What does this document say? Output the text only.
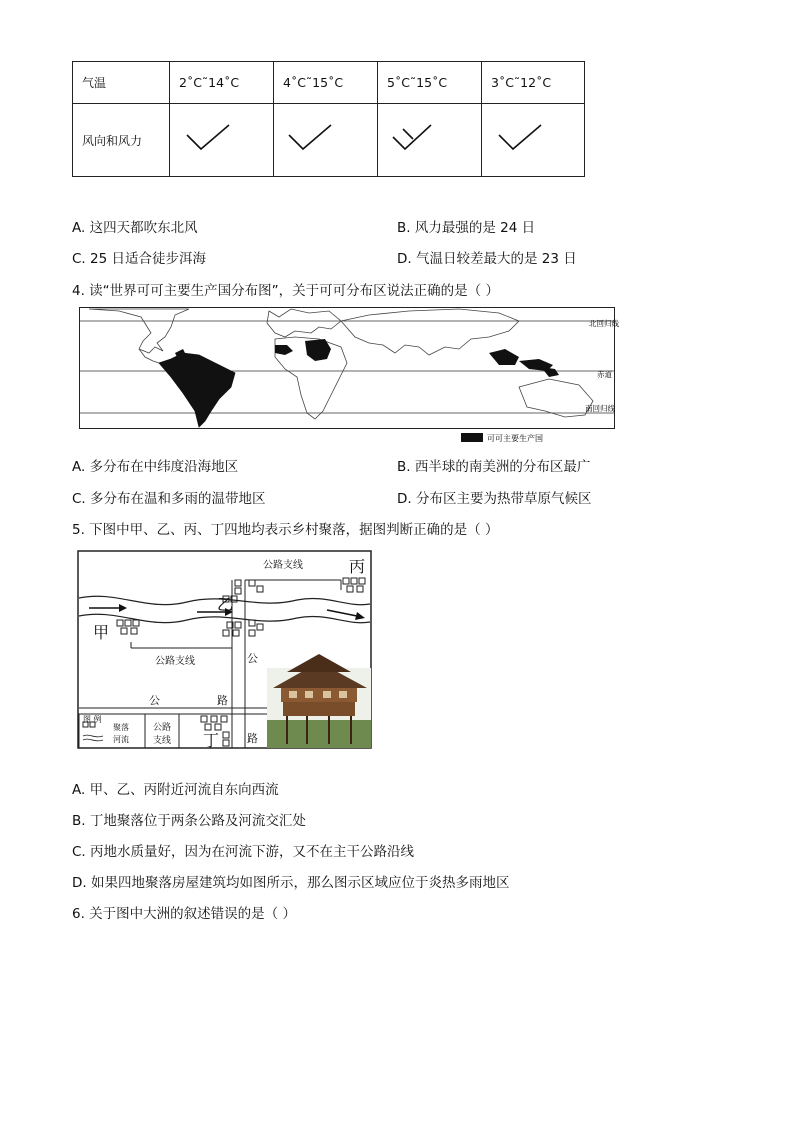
气温	2˚C˜14˚C	4˚C˜15˚C	5˚C˜15˚C	3˚C˜12˚C
风向和风力				
A. 这四天都吹东北风	B. 风力最强的是 24 日
C. 25 日适合徒步洱海	D. 气温日较差最大的是 23 日
4. 读“世界可可主要生产国分布图”，关于可可分布区说法正确的是（ ）
北回归线
赤道
南回归线
可可主要生产国
A. 多分布在中纬度沿海地区	B. 西半球的南美洲的分布区最广
C. 多分布在温和多雨的温带地区	D. 分布区主要为热带草原气候区
5. 下图中甲、乙、丙、丁四地均表示乡村聚落，据图判断正确的是（ ）
公路支线	丙
乙
甲
公路支线	公
路
公	路
丁
图 例
聚落
河流
公路
支线
A. 甲、乙、丙附近河流自东向西流
B. 丁地聚落位于两条公路及河流交汇处
C. 丙地水质量好，因为在河流下游，又不在主干公路沿线
D. 如果四地聚落房屋建筑均如图所示，那么图示区域应位于炎热多雨地区
6. 关于图中大洲的叙述错误的是（ ）
